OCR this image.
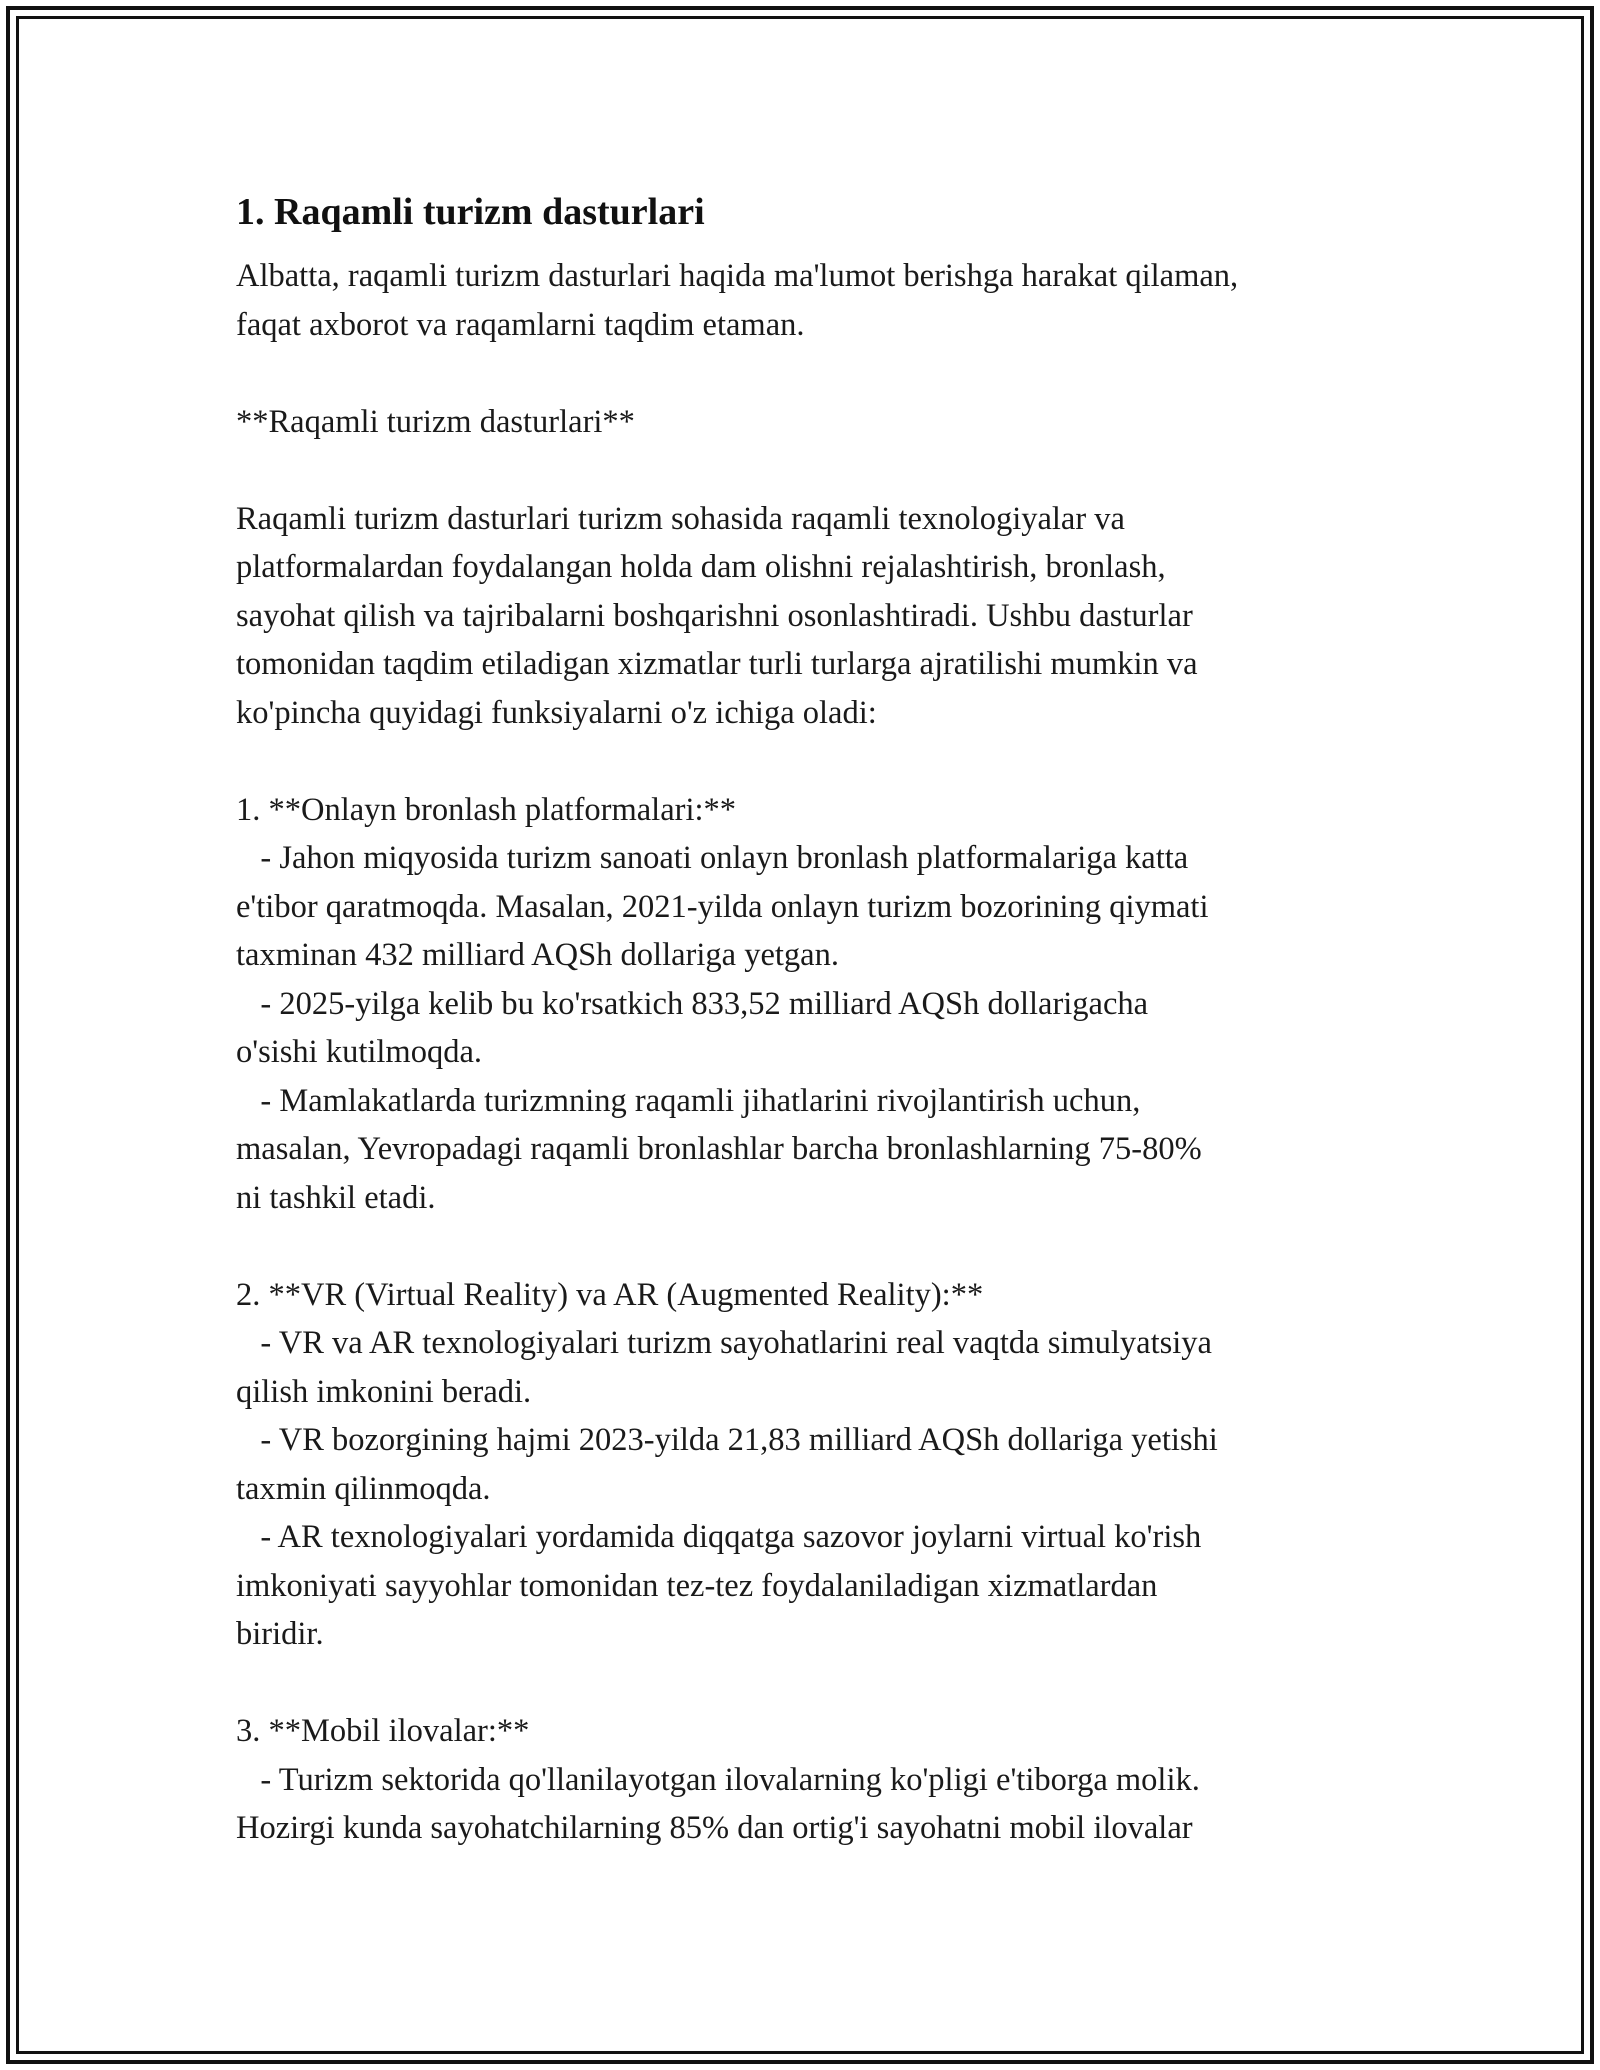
1. Raqamli turizm dasturlari

Albatta, raqamli turizm dasturlari haqida ma'lumot berishga harakat qilaman,
faqat axborot va raqamlarni taqdim etaman.

**Raqamli turizm dasturlari**

Raqamli turizm dasturlari turizm sohasida raqamli texnologiyalar va
platformalardan foydalangan holda dam olishni rejalashtirish, bronlash,
sayohat qilish va tajribalarni boshqarishni osonlashtiradi. Ushbu dasturlar
tomonidan taqdim etiladigan xizmatlar turli turlarga ajratilishi mumkin va
ko'pincha quyidagi funksiyalarni o'z ichiga oladi:

1. **Onlayn bronlash platformalari:**

- Jahon miqyosida turizm sanoati onlayn bronlash platformalariga katta
e'tibor qaratmoqda. Masalan, 2021-yilda onlayn turizm bozorining qiymati
taxminan 432 milliard AQSh dollariga yetgan.

- 2025-yilga kelib bu ko'rsatkich 833,52 milliard AQSh dollarigacha
o'sishi kutilmoqda.

- Mamlakatlarda turizmning raqamli jihatlarini rivojlantirish uchun,
masalan, Yevropadagi raqamli bronlashlar barcha bronlashlarning 75-80%
ni tashkil etadi.

2. **VR (Virtual Reality) va AR (Augmented Reality):**

- VR va AR texnologiyalari turizm sayohatlarini real vaqtda simulyatsiya
qilish imkonini beradi.

- VR bozorgining hajmi 2023-yilda 21,83 milliard AQSh dollariga yetishi
taxmin qilinmoqda.

- AR texnologiyalari yordamida diqqatga sazovor joylarni virtual ko'rish
imkoniyati sayyohlar tomonidan tez-tez foydalaniladigan xizmatlardan
biridir.

3. **Mobil ilovalar:**

- Turizm sektorida qo'llanilayotgan ilovalarning ko'pligi e'tiborga molik.
Hozirgi kunda sayohatchilarning 85% dan ortig'i sayohatni mobil ilovalar
